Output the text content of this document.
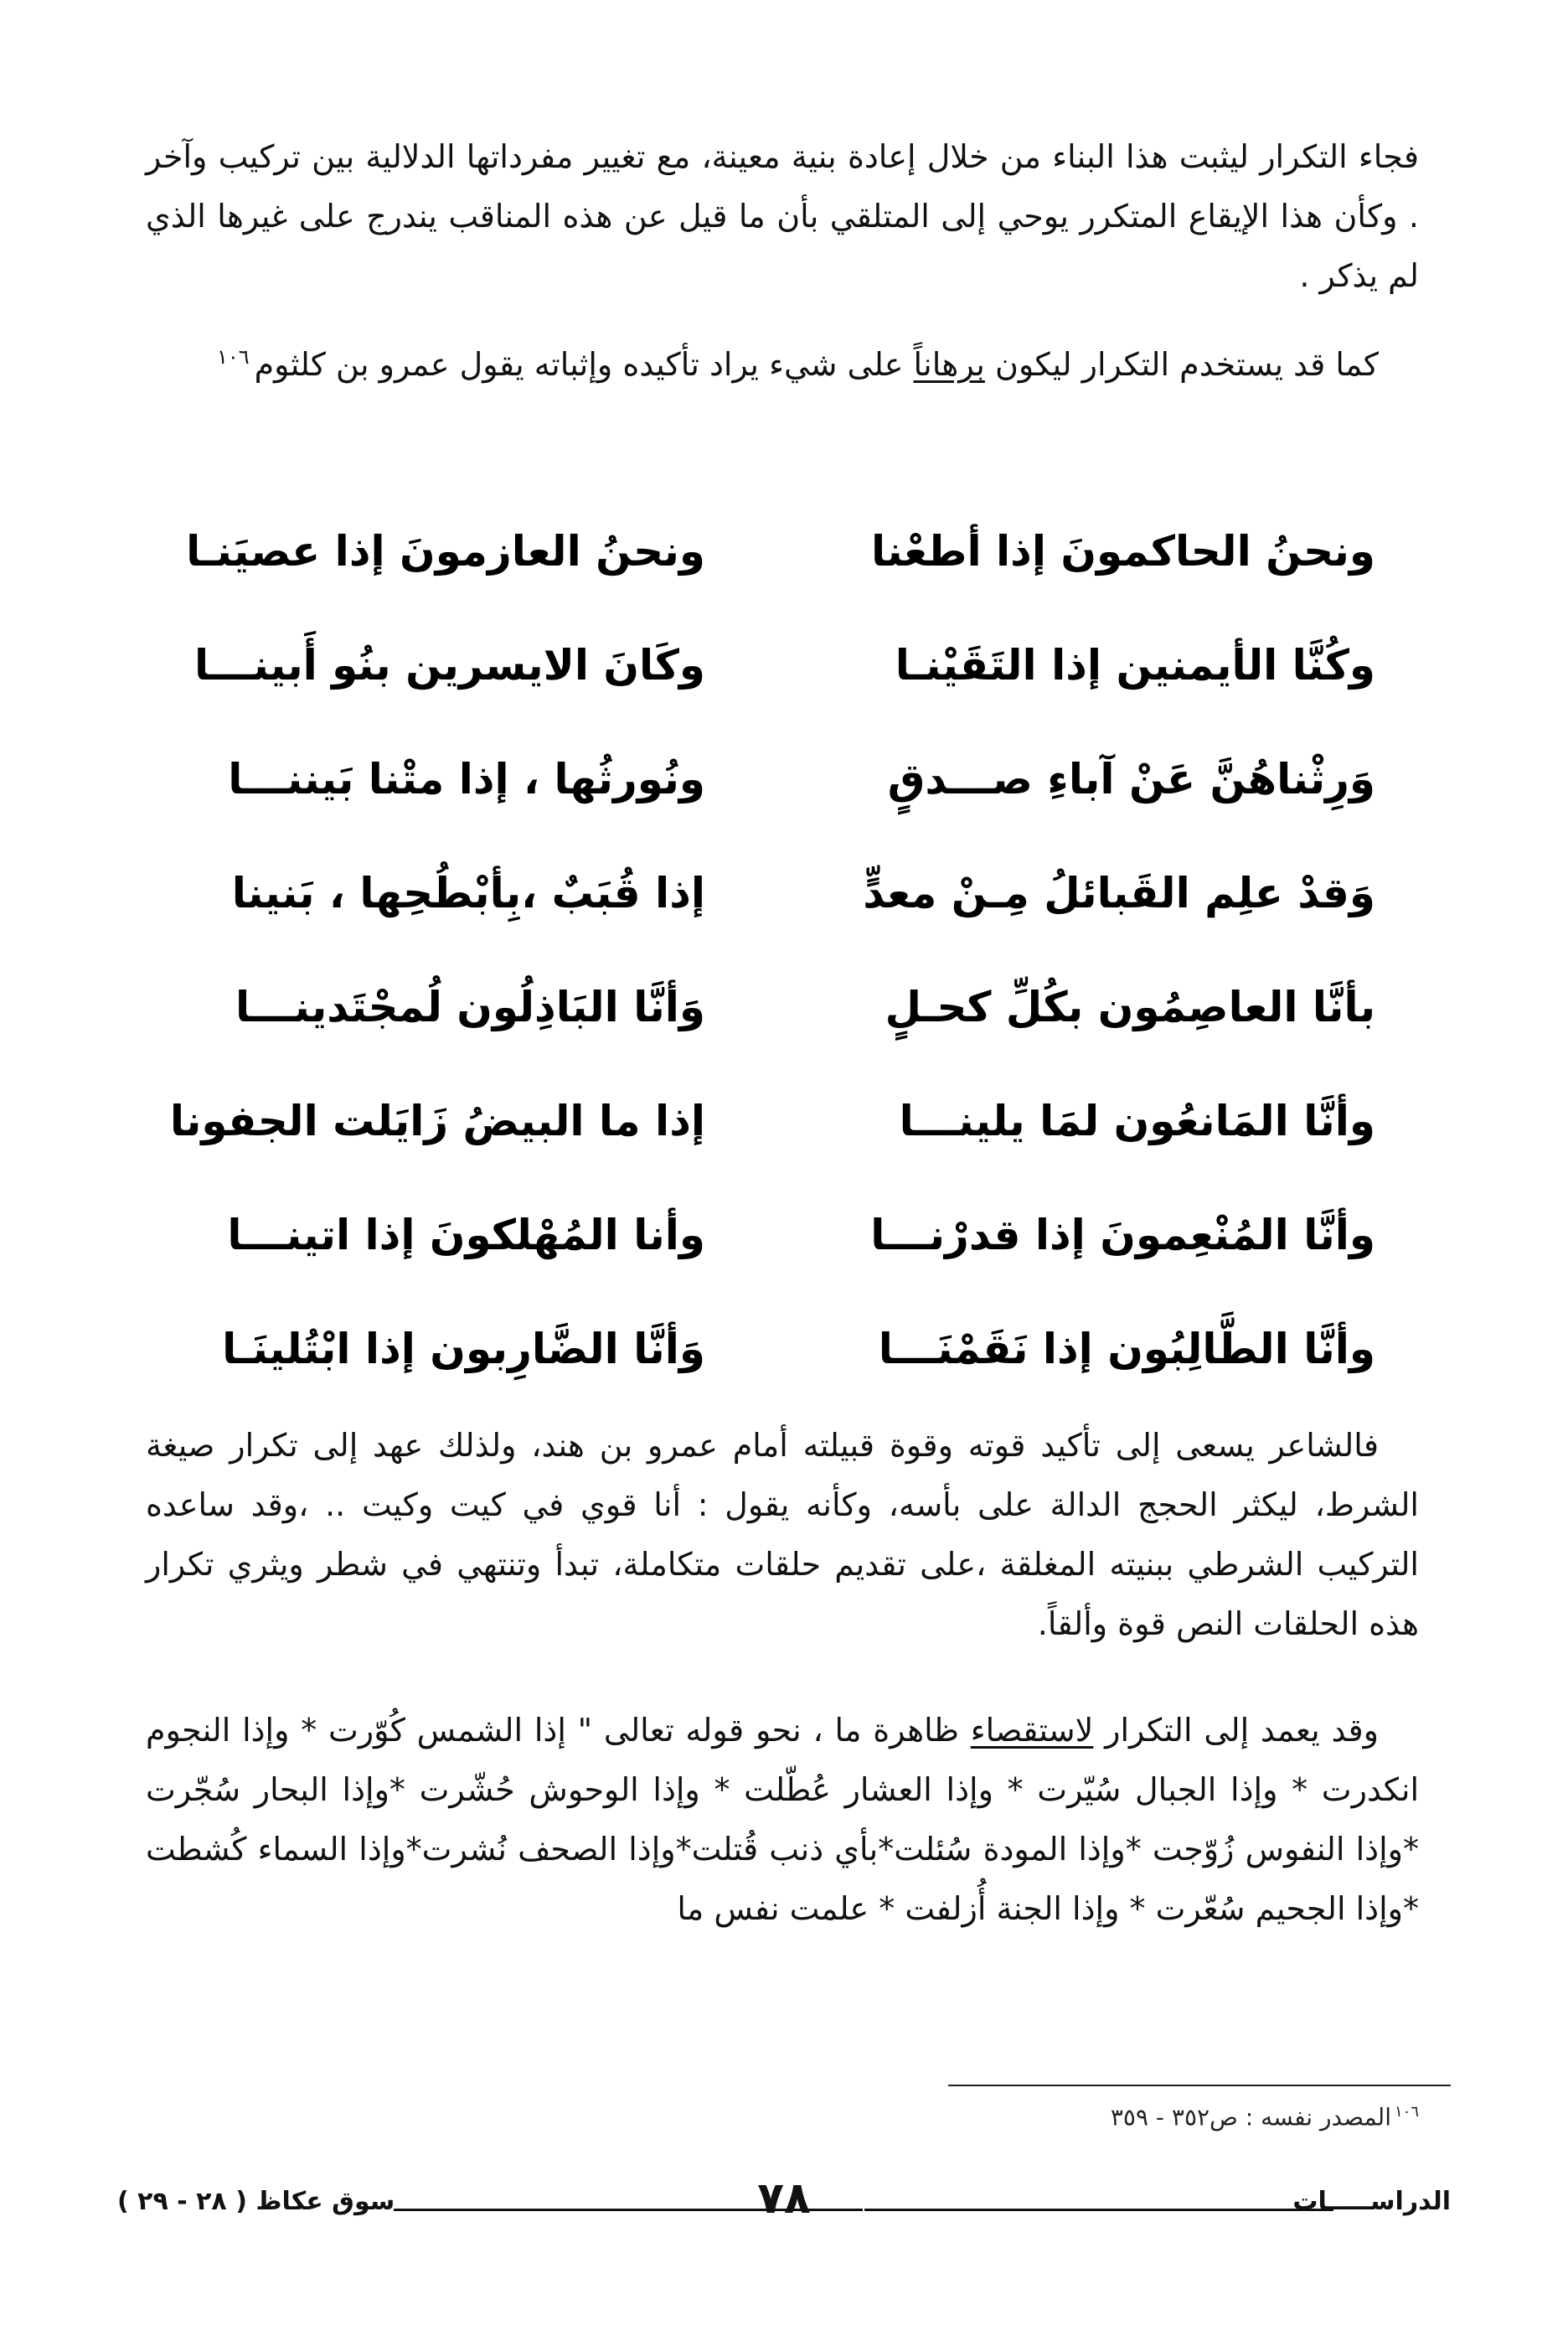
فجاء التكرار ليثبت هذا البناء من خلال إعادة بنية معينة، مع تغيير مفرداتها الدلالية بين تركيب وآخر . وكأن هذا الإيقاع المتكرر يوحي إلى المتلقي بأن ما قيل عن هذه المناقب يندرج على غيرها الذي لم يذكر .

كما قد يستخدم التكرار ليكون برهاناً على شيء يراد تأكيده وإثباته يقول عمرو بن كلثوم$^{١٠٦}$

ونحنُ الحاكمونَ إذا أطعْنا
ونحنُ العازمونَ إذا عصيَنـا
وكُنَّا الأيمنين إذا التَقَيْنـا
وكَانَ الايسرين بنُو أَبينـــا
وَرِثْناهُنَّ عَنْ آباءِ صـــدقٍ
ونُورثُها ، إذا متْنا بَيننـــا
وَقدْ علِم القَبائلُ مِـنْ معدٍّ
إذا قُبَبٌ ،بِأبْطُحِها ، بَنينا
بأنَّا العاصِمُون بكُلِّ كحـلٍ
وَأنَّا البَاذِلُون لُمجْتَدينـــا
وأنَّا المَانعُون لمَا يلينـــا
إذا ما البيضُ زَايَلت الجفونا
وأنَّا المُنْعِمونَ إذا قدرْنـــا
وأنا المُهْلكونَ إذا اتينـــا
وأنَّا الطَّالِبُون إذا نَقَمْنَـــا
وَأنَّا الضَّارِبون إذا ابْتُلينَـا

فالشاعر يسعى إلى تأكيد قوته وقوة قبيلته أمام عمرو بن هند، ولذلك عهد إلى تكرار صيغة الشرط، ليكثر الحجج الدالة على بأسه، وكأنه يقول : أنا قوي في كيت وكيت .. ،وقد ساعده التركيب الشرطي ببنيته المغلقة ،على تقديم حلقات متكاملة، تبدأ وتنتهي في شطر ويثري تكرار هذه الحلقات النص قوة وألقاً.

وقد يعمد إلى التكرار لاستقصاء ظاهرة ما ، نحو قوله تعالى " إذا الشمس كُوّرت * وإذا النجوم انكدرت * وإذا الجبال سُيّرت * وإذا العشار عُطّلت * وإذا الوحوش حُشّرت *وإذا البحار سُجّرت *وإذا النفوس زُوّجت *وإذا المودة سُئلت*بأي ذنب قُتلت*وإذا الصحف نُشرت*وإذا السماء كُشطت *وإذا الجحيم سُعّرت * وإذا الجنة أُزلفت * علمت نفس ما

$^{١٠٦}$المصدر نفسه : ص٣٥٢ - ٣٥٩
الدراســـــات
٧٨
سوق عكاظ ( ٢٨ - ٢٩ )
